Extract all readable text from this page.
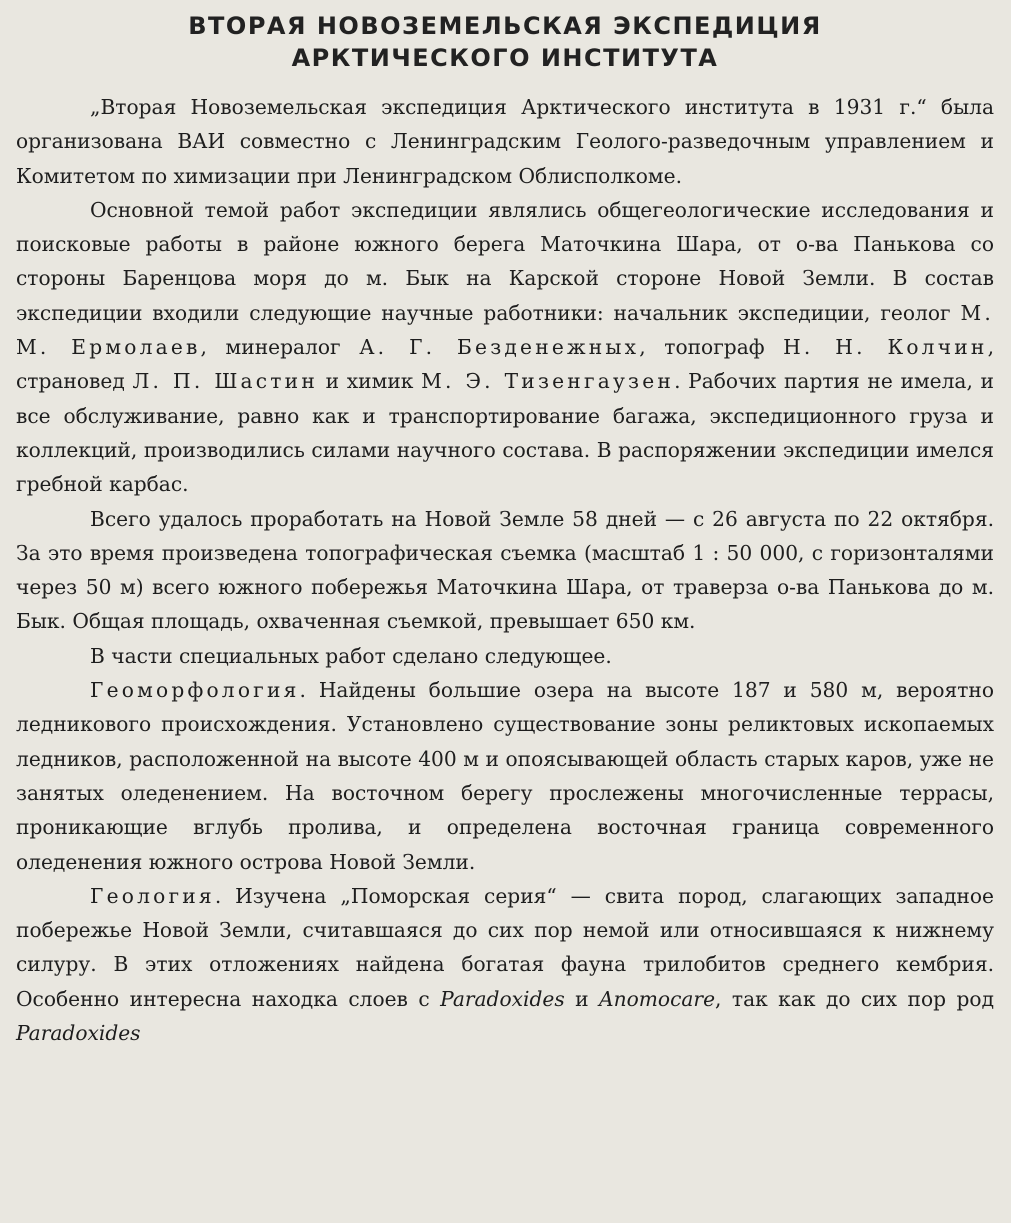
ВТОРАЯ НОВОЗЕМЕЛЬСКАЯ ЭКСПЕДИЦИЯ
АРКТИЧЕСКОГО ИНСТИТУТА

„Вторая Новоземельская экспедиция Арктического института в 1931 г.“ была организована ВАИ совместно с Ленинградским Геолого-разведочным управлением и Комитетом по химизации при Ленинградском Облисполкоме.

Основной темой работ экспедиции являлись общегеологические исследования и поисковые работы в районе южного берега Маточкина Шара, от о-ва Панькова со стороны Баренцова моря до м. Бык на Карской стороне Новой Земли. В состав экспедиции входили следующие научные работники: начальник экспедиции, геолог М. М. Ермолаев, минералог А. Г. Безденежных, топограф Н. Н. Колчин, страновед Л. П. Шастин и химик М. Э. Тизенгаузен. Рабочих партия не имела, и все обслуживание, равно как и транспортирование багажа, экспедиционного груза и коллекций, производились силами научного состава. В распоряжении экспедиции имелся гребной карбас.

Всего удалось проработать на Новой Земле 58 дней — с 26 августа по 22 октября. За это время произведена топографическая съемка (масштаб 1 : 50 000, с горизонталями через 50 м) всего южного побережья Маточкина Шара, от траверза о-ва Панькова до м. Бык. Общая площадь, охваченная съемкой, превышает 650 км.

В части специальных работ сделано следующее.

Геоморфология. Найдены большие озера на высоте 187 и 580 м, вероятно ледникового происхождения. Установлено существование зоны реликтовых ископаемых ледников, расположенной на высоте 400 м и опоясывающей область старых каров, уже не занятых оледенением. На восточном берегу прослежены многочисленные террасы, проникающие вглубь пролива, и определена восточная граница современного оледенения южного острова Новой Земли.

Геология. Изучена „Поморская серия“ — свита пород, слагающих западное побережье Новой Земли, считавшаяся до сих пор немой или относившаяся к нижнему силуру. В этих отложениях найдена богатая фауна трилобитов среднего кембрия. Особенно интересна находка слоев с Paradoxides и Anomocare, так как до сих пор род Paradoxides
